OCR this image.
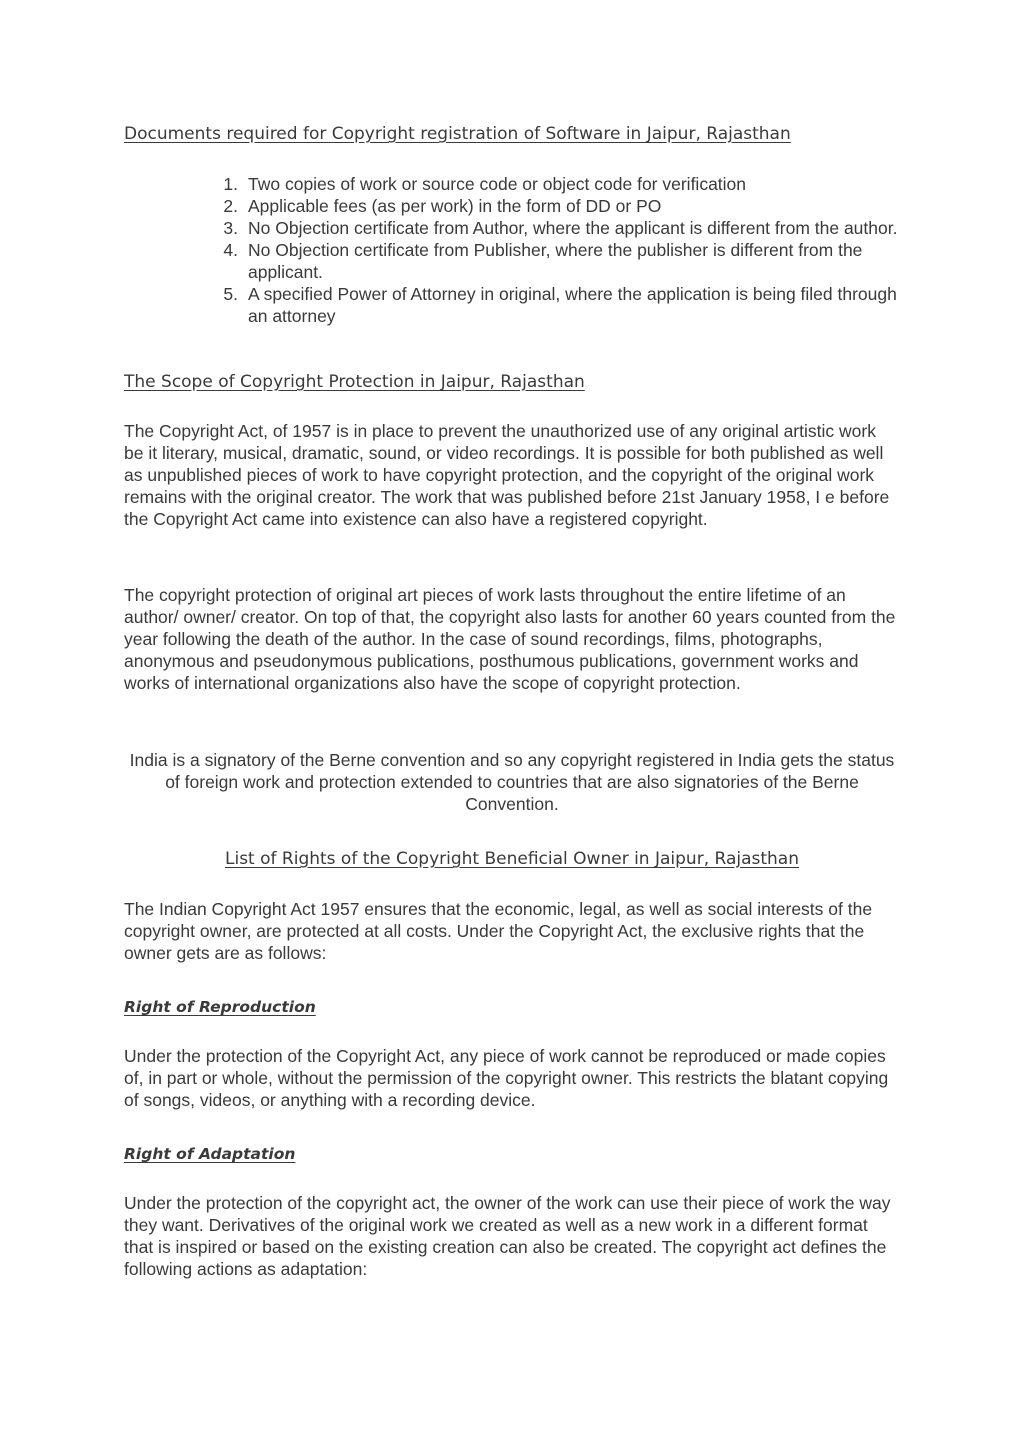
Documents required for Copyright registration of Software in Jaipur, Rajasthan
1. Two copies of work or source code or object code for verification
2. Applicable fees (as per work) in the form of DD or PO
3. No Objection certificate from Author, where the applicant is different from the author.
4. No Objection certificate from Publisher, where the publisher is different from the applicant.
5. A specified Power of Attorney in original, where the application is being filed through an attorney
The Scope of Copyright Protection in Jaipur, Rajasthan

The Copyright Act, of 1957 is in place to prevent the unauthorized use of any original artistic work be it literary, musical, dramatic, sound, or video recordings. It is possible for both published as well as unpublished pieces of work to have copyright protection, and the copyright of the original work remains with the original creator. The work that was published before 21st January 1958, I e before the Copyright Act came into existence can also have a registered copyright.

The copyright protection of original art pieces of work lasts throughout the entire lifetime of an author/ owner/ creator. On top of that, the copyright also lasts for another 60 years counted from the year following the death of the author. In the case of sound recordings, films, photographs, anonymous and pseudonymous publications, posthumous publications, government works and works of international organizations also have the scope of copyright protection.

India is a signatory of the Berne convention and so any copyright registered in India gets the status of foreign work and protection extended to countries that are also signatories of the Berne Convention.

List of Rights of the Copyright Beneficial Owner in Jaipur, Rajasthan

The Indian Copyright Act 1957 ensures that the economic, legal, as well as social interests of the copyright owner, are protected at all costs. Under the Copyright Act, the exclusive rights that the owner gets are as follows:

Right of Reproduction

Under the protection of the Copyright Act, any piece of work cannot be reproduced or made copies of, in part or whole, without the permission of the copyright owner. This restricts the blatant copying of songs, videos, or anything with a recording device.

Right of Adaptation

Under the protection of the copyright act, the owner of the work can use their piece of work the way they want. Derivatives of the original work we created as well as a new work in a different format that is inspired or based on the existing creation can also be created. The copyright act defines the following actions as adaptation:
